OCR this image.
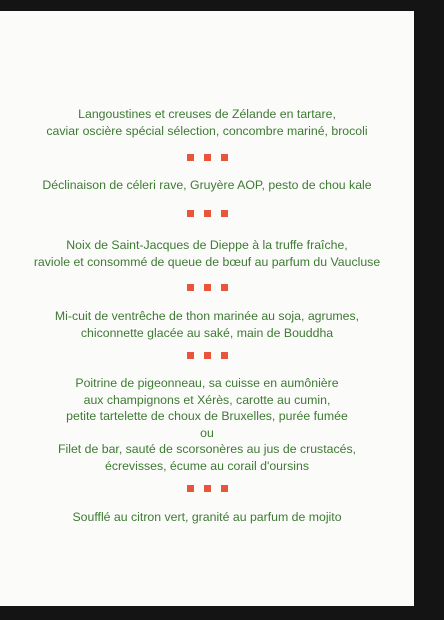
Langoustines et creuses de Zélande en tartare,
caviar oscière spécial sélection, concombre mariné, brocoli
Déclinaison de céleri rave, Gruyère AOP, pesto de chou kale
Noix de Saint-Jacques de Dieppe à la truffe fraîche,
raviole et consommé de queue de bœuf au parfum du Vaucluse
Mi-cuit de ventrêche de thon marinée au soja, agrumes,
chiconnette glacée au saké, main de Bouddha
Poitrine de pigeonneau, sa cuisse en aumônière
aux champignons et Xérès, carotte au cumin,
petite tartelette de choux de Bruxelles, purée fumée
ou
Filet de bar, sauté de scorsonères au jus de crustacés,
écrevisses, écume au corail d'oursins
Soufflé au citron vert, granité au parfum de mojito
